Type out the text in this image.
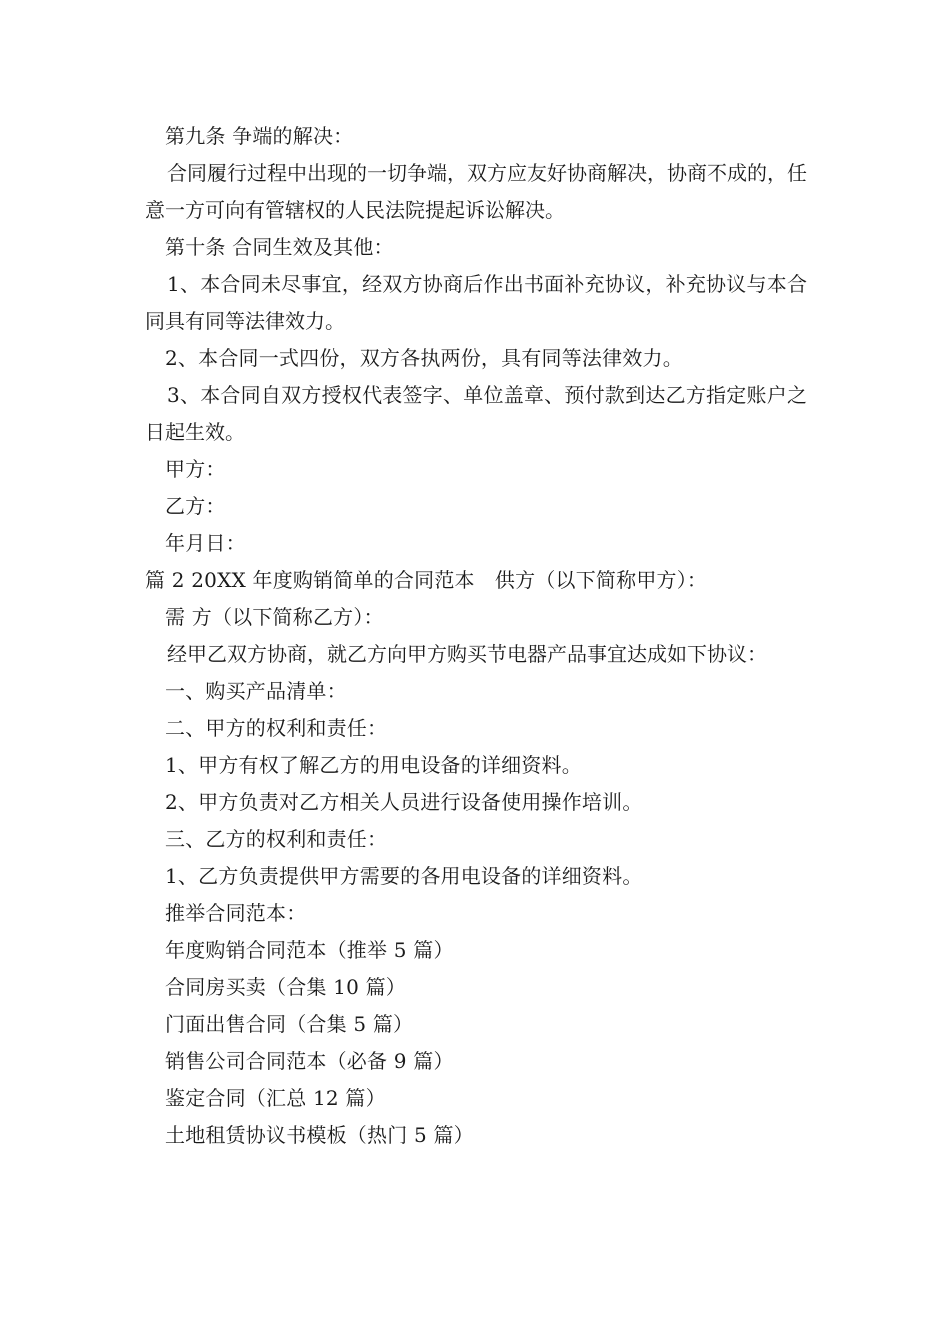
第九条 争端的解决：

合同履行过程中出现的一切争端，双方应友好协商解决，协商不成的，任意一方可向有管辖权的人民法院提起诉讼解决。

第十条 合同生效及其他：

1、本合同未尽事宜，经双方协商后作出书面补充协议，补充协议与本合同具有同等法律效力。

2、本合同一式四份，双方各执两份，具有同等法律效力。

3、本合同自双方授权代表签字、单位盖章、预付款到达乙方指定账户之日起生效。

甲方：
乙方：
年月日：
篇 2 20XX 年度购销简单的合同范本　供方（以下简称甲方）：
需 方（以下简称乙方）：

经甲乙双方协商，就乙方向甲方购买节电器产品事宜达成如下协议：

一、购买产品清单：
二、甲方的权利和责任：
1、甲方有权了解乙方的用电设备的详细资料。
2、甲方负责对乙方相关人员进行设备使用操作培训。
三、乙方的权利和责任：
1、乙方负责提供甲方需要的各用电设备的详细资料。
推举合同范本：
年度购销合同范本（推举 5 篇）
合同房买卖（合集 10 篇）
门面出售合同（合集 5 篇）
销售公司合同范本（必备 9 篇）
鉴定合同（汇总 12 篇）
土地租赁协议书模板（热门 5 篇）
